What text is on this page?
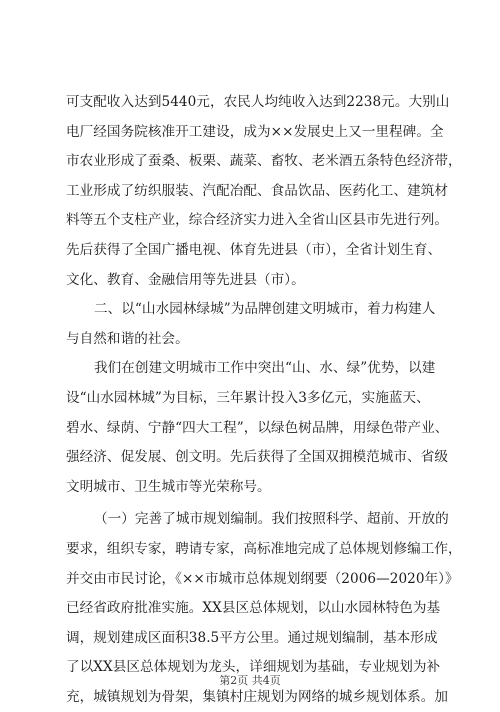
可支配收入达到5440元，农民人均纯收入达到2238元。大别山
电厂经国务院核准开工建设，成为××发展史上又一里程碑。全
市农业形成了蚕桑、板栗、蔬菜、畜牧、老米酒五条特色经济带，
工业形成了纺织服装、汽配冶配、食品饮品、医药化工、建筑材
料等五个支柱产业，综合经济实力进入全省山区县市先进行列。
先后获得了全国广播电视、体育先进县（市），全省计划生育、
文化、教育、金融信用等先进县（市）。
二、以“山水园林绿城”为品牌创建文明城市，着力构建人
与自然和谐的社会。
我们在创建文明城市工作中突出“山、水、绿”优势，以建
设“山水园林城”为目标，三年累计投入3多亿元，实施蓝天、
碧水、绿荫、宁静“四大工程”，以绿色树品牌，用绿色带产业、
强经济、促发展、创文明。先后获得了全国双拥模范城市、省级
文明城市、卫生城市等光荣称号。
（一）完善了城市规划编制。我们按照科学、超前、开放的
要求，组织专家，聘请专家，高标准地完成了总体规划修编工作，
并交由市民讨论，《××市城市总体规划纲要（2006—2020年）》
已经省政府批准实施。XX县区总体规划，以山水园林特色为基
调，规划建成区面积38.5平方公里。通过规划编制，基本形成
了以XX县区总体规划为龙头，详细规划为基础，专业规划为补
充，城镇规划为骨架，集镇村庄规划为网络的城乡规划体系。加
第2页 共4页
